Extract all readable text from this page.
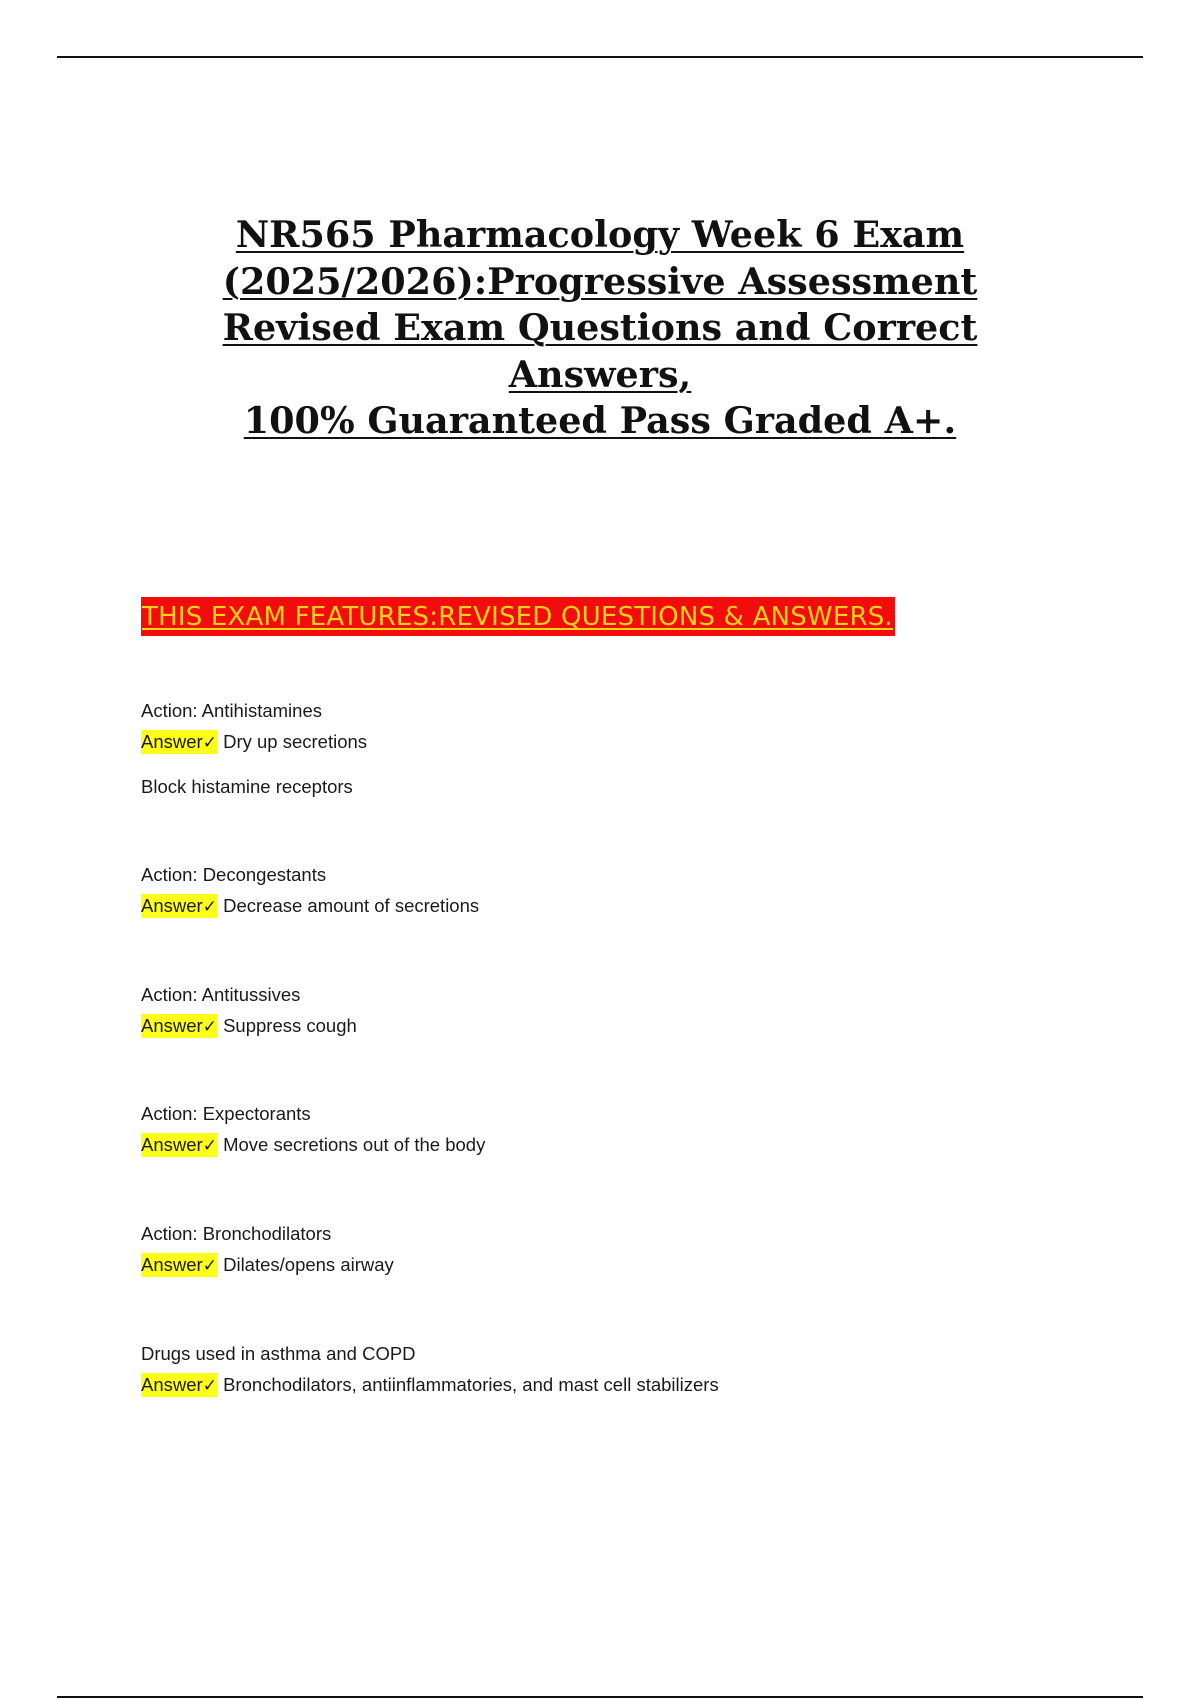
NR565 Pharmacology Week 6 Exam
(2025/2026):Progressive Assessment
Revised Exam Questions and Correct
Answers,
100% Guaranteed Pass Graded A+.
THIS EXAM FEATURES:REVISED QUESTIONS & ANSWERS.
Action: Antihistamines
Answer✓ Dry up secretions
Block histamine receptors
Action: Decongestants
Answer✓ Decrease amount of secretions
Action: Antitussives
Answer✓ Suppress cough
Action: Expectorants
Answer✓ Move secretions out of the body
Action: Bronchodilators
Answer✓ Dilates/opens airway
Drugs used in asthma and COPD
Answer✓ Bronchodilators, antiinflammatories, and mast cell stabilizers
